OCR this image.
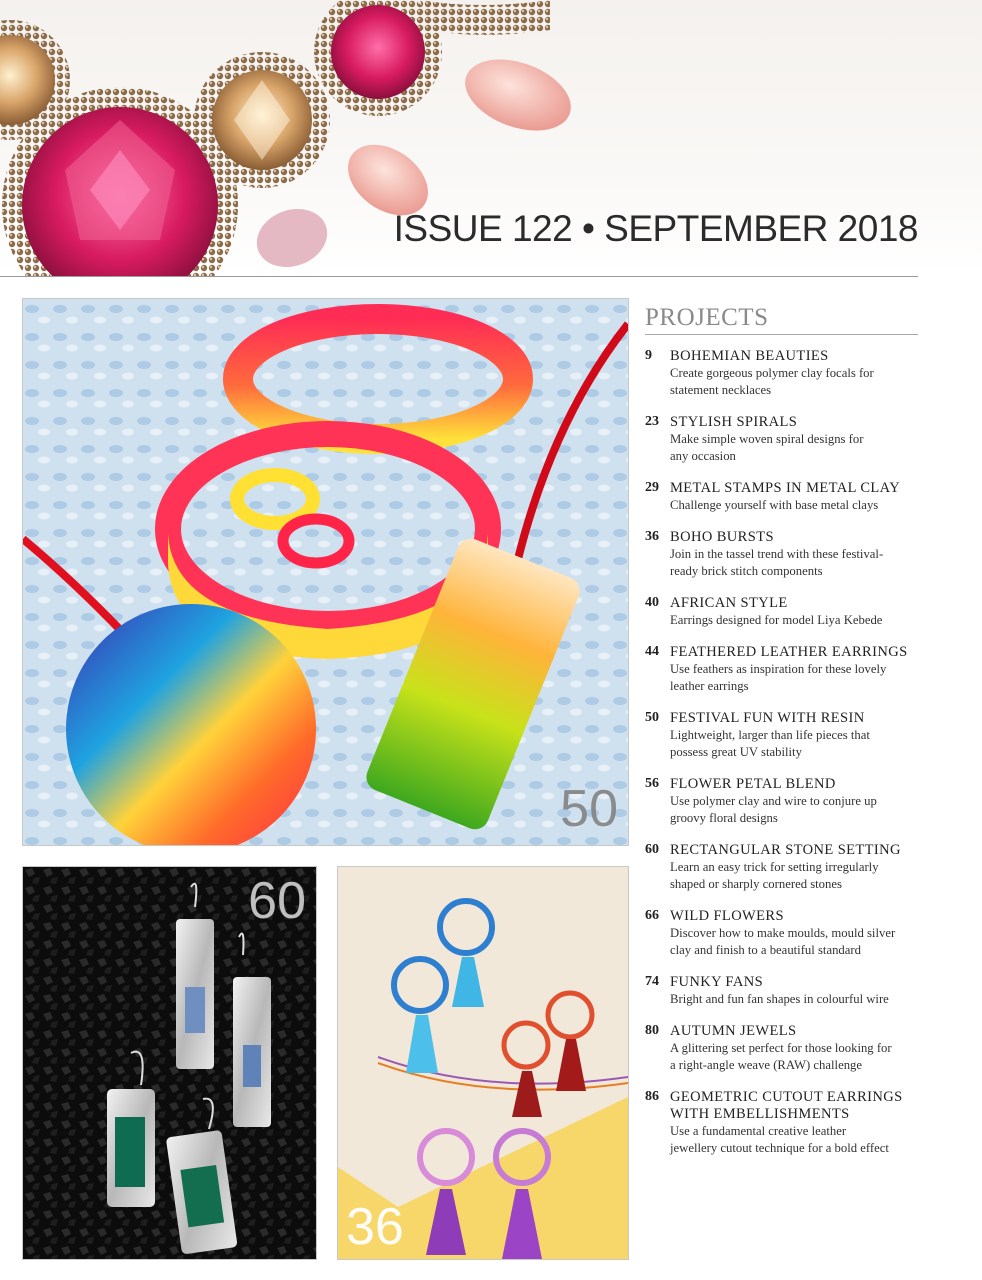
ISSUE 122 • SEPTEMBER 2018
50
60
36
PROJECTS
9 BOHEMIAN BEAUTIES
Create gorgeous polymer clay focals for
statement necklaces
23 STYLISH SPIRALS
Make simple woven spiral designs for
any occasion
29 METAL STAMPS IN METAL CLAY
Challenge yourself with base metal clays
36 BOHO BURSTS
Join in the tassel trend with these festival-
ready brick stitch components
40 AFRICAN STYLE
Earrings designed for model Liya Kebede
44 FEATHERED LEATHER EARRINGS
Use feathers as inspiration for these lovely
leather earrings
50 FESTIVAL FUN WITH RESIN
Lightweight, larger than life pieces that
possess great UV stability
56 FLOWER PETAL BLEND
Use polymer clay and wire to conjure up
groovy floral designs
60 RECTANGULAR STONE SETTING
Learn an easy trick for setting irregularly
shaped or sharply cornered stones
66 WILD FLOWERS
Discover how to make moulds, mould silver
clay and finish to a beautiful standard
74 FUNKY FANS
Bright and fun fan shapes in colourful wire
80 AUTUMN JEWELS
A glittering set perfect for those looking for
a right-angle weave (RAW) challenge
86 GEOMETRIC CUTOUT EARRINGS
WITH EMBELLISHMENTS
Use a fundamental creative leather
jewellery cutout technique for a bold effect
